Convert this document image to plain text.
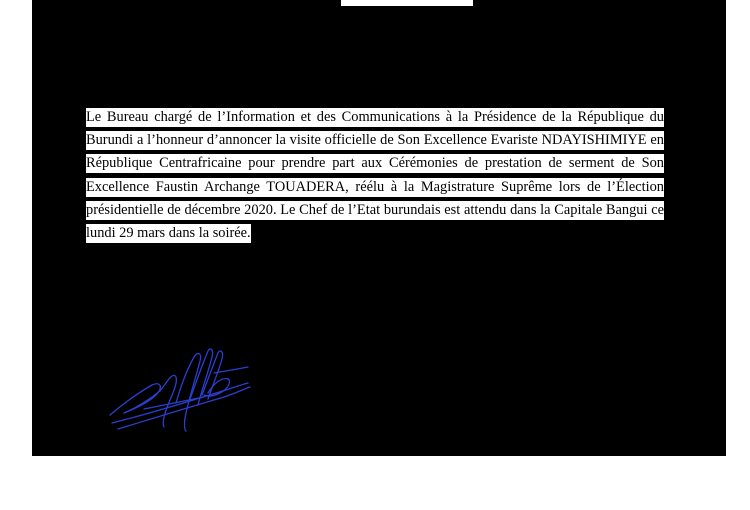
Le Bureau chargé de l’Information et des Communications à la Présidence de la République du Burundi a l’honneur d’annoncer la visite officielle de Son Excellence Evariste NDAYISHIMIYE en République Centrafricaine pour prendre part aux Cérémonies de prestation de serment de Son Excellence Faustin Archange TOUADERA, réélu à la Magistrature Suprême lors de l’Élection présidentielle de décembre 2020. Le Chef de l’Etat burundais est attendu dans la Capitale Bangui ce lundi 29 mars dans la soirée.
